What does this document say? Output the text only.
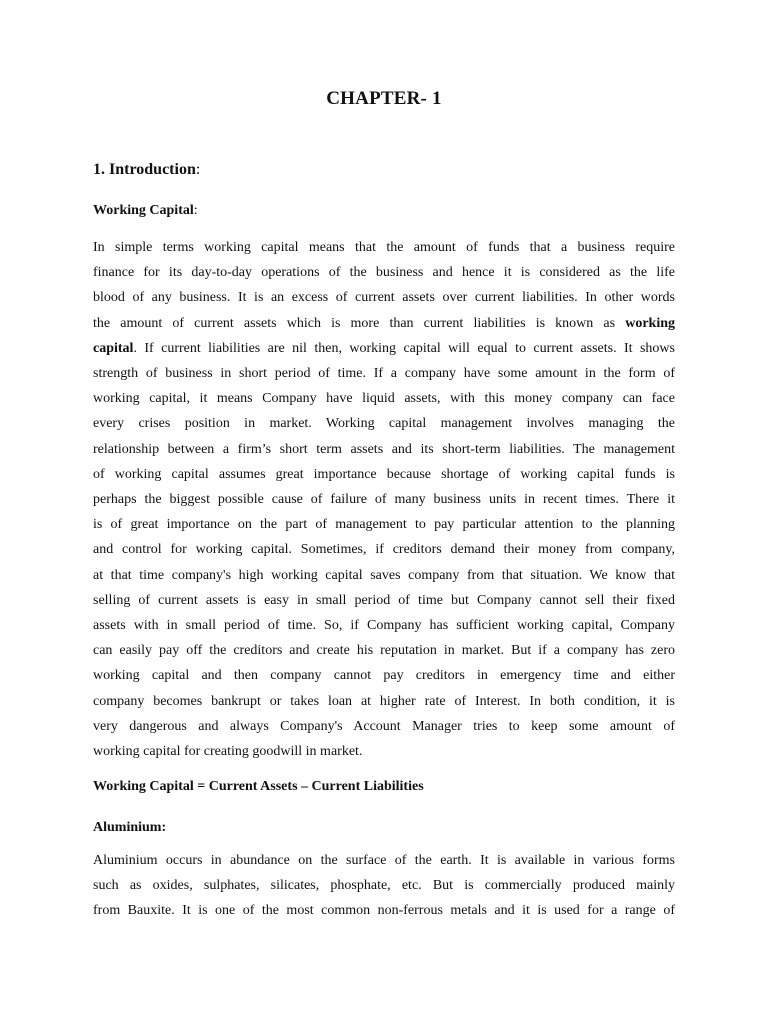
CHAPTER- 1
1. Introduction:
Working Capital:
In simple terms working capital means that the amount of funds that a business require
finance for its day-to-day operations of the business and hence it is considered as the life
blood of any business. It is an excess of current assets over current liabilities. In other words
the amount of current assets which is more than current liabilities is known as working
capital. If current liabilities are nil then, working capital will equal to current assets. It shows
strength of business in short period of time. If a company have some amount in the form of
working capital, it means Company have liquid assets, with this money company can face
every crises position in market. Working capital management involves managing the
relationship between a firm’s short term assets and its short-term liabilities. The management
of working capital assumes great importance because shortage of working capital funds is
perhaps the biggest possible cause of failure of many business units in recent times. There it
is of great importance on the part of management to pay particular attention to the planning
and control for working capital. Sometimes, if creditors demand their money from company,
at that time company's high working capital saves company from that situation. We know that
selling of current assets is easy in small period of time but Company cannot sell their fixed
assets with in small period of time. So, if Company has sufficient working capital, Company
can easily pay off the creditors and create his reputation in market. But if a company has zero
working capital and then company cannot pay creditors in emergency time and either
company becomes bankrupt or takes loan at higher rate of Interest. In both condition, it is
very dangerous and always Company's Account Manager tries to keep some amount of
working capital for creating goodwill in market.
Working Capital = Current Assets – Current Liabilities
Aluminium:
Aluminium occurs in abundance on the surface of the earth. It is available in various forms
such as oxides, sulphates, silicates, phosphate, etc. But is commercially produced mainly
from Bauxite. It is one of the most common non-ferrous metals and it is used for a range of
